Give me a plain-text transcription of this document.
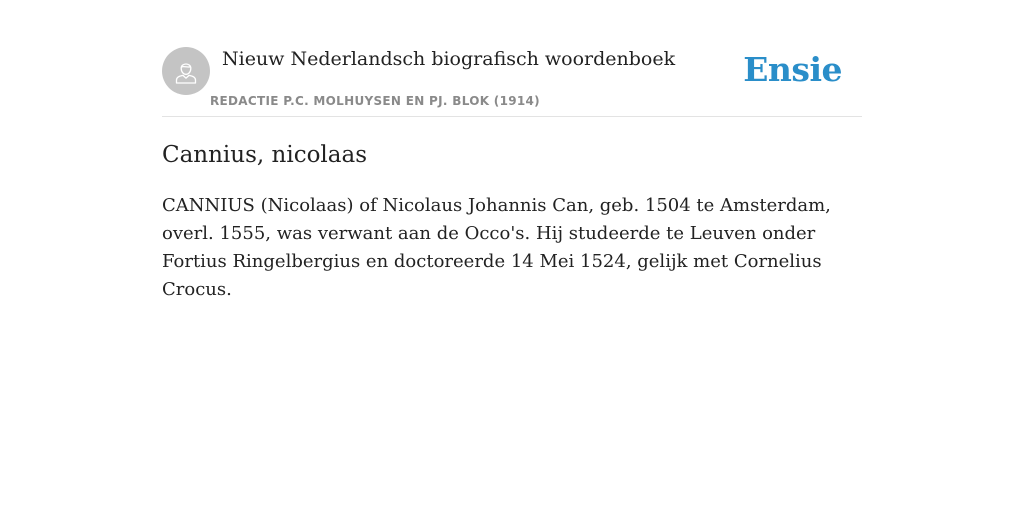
Nieuw Nederlandsch biografisch woordenboek
REDACTIE P.C. MOLHUYSEN EN PJ. BLOK (1914)
Ensie
Cannius, nicolaas

CANNIUS (Nicolaas) of Nicolaus Johannis Can, geb. 1504 te Amsterdam, overl. 1555, was verwant aan de Occo's. Hij studeerde te Leuven onder Fortius Ringelbergius en doctoreerde 14 Mei 1524, gelijk met Cornelius Crocus.
